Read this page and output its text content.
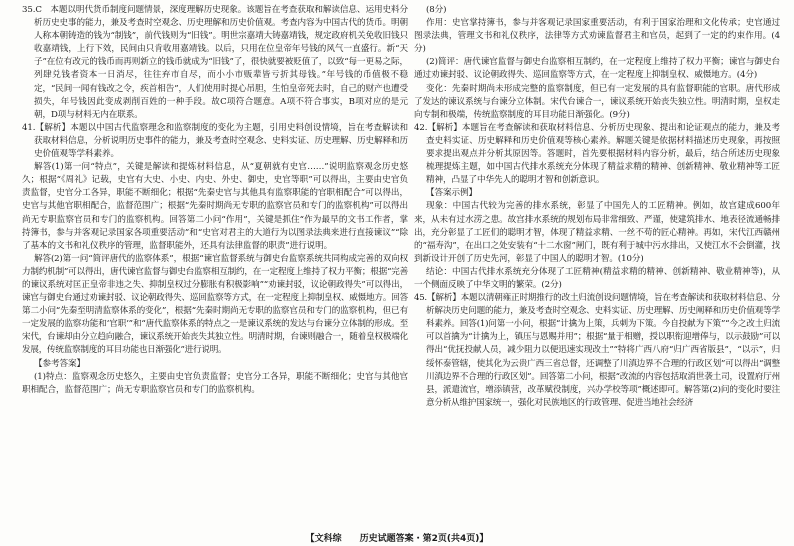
35.C　本题以明代货币制度问题情景，深度理解历史现象。该题旨在考查获取和解读信息、运用史料分析历史史事的能力，兼及考查时空观念、历史理解和历史价值观。考查内容为中国古代的货币。明朝人称本朝铸造的钱为“制钱”，前代钱则为“旧钱”。明世宗嘉靖大铸嘉靖钱，规定政府机关免收旧钱只收嘉靖钱，上行下效，民间由只肯收用嘉靖钱。以后，只用在位皇帝年号钱的风气一直盛行。新“天子”在位有改元的钱币而再则新立的钱币就成为“旧钱”了，很快就要被贬值了，以致“每一更易之际，列肆兑钱者资本一日消尽，往往弃市自尽，而小小市贩辈皆亏折其母钱。”年号钱的币值极不稳定，“民间一闻有钱改之令，疾首相告”，人们使用时提心吊胆，生怕皇帝死去时，自己的财产也遭受损失，年号钱因此变成剥削百姓的一种手段。故C项符合题意。A项不符合事实，B项对应的是元朝，D项与材料无内在联系。

41.【解析】本题以中国古代监察理念和监察制度的变化为主题，引用史料创设情境，旨在考查解读和获取材料信息，分析说明历史事件的能力，兼及考查时空观念、史料实证、历史理解、历史解释和历史价值观等学科素养。

解答(1)第一问“特点”，关键是解读和提炼材料信息，从“夏朝就有史官……”说明监察观念历史悠久；根据“《周礼》记载，史官有大史、小史、内史、外史、御史，史官等职”可以得出，主要由史官负责监督，史官分工各异，职能不断细化；根据“先秦史官与其他具有监察职能的官职相配合”可以得出，史官与其他官职相配合，监督范围广；根据“先秦时期尚无专职的监察官员和专门的监察机构”可以得出尚无专职监察官员和专门的监察机构。回答第二小问“作用”，关键是抓住“作为最早的文书工作者，掌持簿书，参与并客观记录国家各项重要活动”和“史官对君主的大道行为以图录法典来进行直接谏议”“除了基本的文书和礼仪秩序的管理，监督职能外，还具有法律监督的职责”进行说明。

解答(2)第一问“简评唐代的监察体系”，根据“谏官监督系统与御史台监察系统共同构成完善的双向权力制约机制”可以得出，唐代谏官监督与御史台监察相互制约，在一定程度上维持了权力平衡；根据“完善的谏议系统对匡正皇帝非违之失、抑制皇权过分膨胀有积极影响”“劝谏封驳，议论朝政得失”可以得出，谏官与御史台通过劝谏封驳、议论朝政得失、巡回监察等方式，在一定程度上抑制皇权、威慑地方。回答第二小问“先秦至明清监察体系的变化”，根据“先秦时期尚无专职的监察官员和专门的监察机构，但已有一定发展的监察功能和‘官职’”和“唐代监察体系的特点之一是谏议系统的发达与台谏分立体制的形成。至宋代，台谏却由分立趋向融合，谏议系统开始丧失其独立性。明清时期，台谏则融合一，随着皇权极端化发展，传统监察制度的耳目功能也日渐强化”进行说明。

【参考答案】

(1)特点：监察观念历史悠久，主要由史官负责监督；史官分工各异，职能不断细化；史官与其他官职相配合，监督范围广；尚无专职监察官员和专门的监察机构。

(8分)

作用：史官掌持簿书，参与并客观记录国家重要活动，有利于国家治理和文化传承；史官通过图录法典，管理文书和礼仪秩序，法律等方式劝谏监督君主和官员，起到了一定的约束作用。(4分)

(2)简评：唐代谏官监督与御史台监察相互制约，在一定程度上维持了权力平衡；谏官与御史台通过劝谏封驳、议论朝政得失、巡回监察等方式，在一定程度上抑制皇权、威慑地方。(4分)

变化：先秦时期尚未形成完整的监察制度，但已有一定发展的具有监督职能的官职。唐代形成了发达的谏议系统与台谏分立体制。宋代台谏合一，谏议系统开始丧失独立性。明清时期，皇权走向专制和极端，传统监察制度的耳目功能日渐强化。(9分)

42.【解析】本题旨在考查解读和获取材料信息、分析历史现象、提出和论证观点的能力，兼及考查史料实证、历史解释和历史价值观等核心素养。解题关键是依据材料描述历史现象，再按照要求提出观点并分析其原因等。答题时，首先要根据材料内容分析，最后，结合所述历史现象梳理提炼主题，如中国古代排水系统充分体现了精益求精的精神、创新精神、敬业精神等工匠精神，凸显了中华先人的聪明才智和创新意识。

【答案示例】

现象：中国古代较为完善的排水系统，彰显了中国先人的工匠精神。例如，故宫建成600年来，从未有过水涝之患。故宫排水系统的规划布局非常细致、严谨，使建筑排水、地表径流通畅排出，充分彰显了工匠们的聪明才智，体现了精益求精、一丝不苟的匠心精神。再如，宋代江西赣州的“福寿沟”，在出口之处安装有“十二水窗”闸门，既有利于城中污水排出，又使江水不会倒灌，找到新设计开创了历史先河，彰显了中国人的聪明才智。(10分)

结论：中国古代排水系统充分体现了工匠精神(精益求精的精神、创新精神、敬业精神等)，从一个侧面反映了中华文明的繁荣。(2分)

45.【解析】本题以清朝雍正时期推行的改土归流创设问题情境，旨在考查解读和获取材料信息、分析解决历史问题的能力，兼及考查时空观念、史料实证、历史理解、历史阐释和历史价值观等学科素养。回答(1)问第一小问，根据“计擒为上策，兵刺为下策。今自投献为下策”“今之改土归流可以首擒为“计擒为上，镇压与恩赐并用”；根据“量于相赠，授以职衔迎增俸与，以示鼓励”可以得出“优抚投献人员，减少阻力以便迅速实现改土”“特将广西八府“归广西省版县”，“以示”，归绥怀泰管辖，使其化为云贵广西三省总督，还调整了川滇边界不合理的行政区划”可以得出“调整川滇边界不合理的行政区划”。回答第二小问，根据“改流的内容包括取消世袭土司，设置府厅州县，派遣流官，增添镇营，改革赋役制度，兴办学校等项”概述即可。解答第(2)问的变化时要注意分析从维护国家统一，强化对民族地区的行政管理、促进当地社会经济

【文科综　　历史试题答案・第2页(共4页)】
